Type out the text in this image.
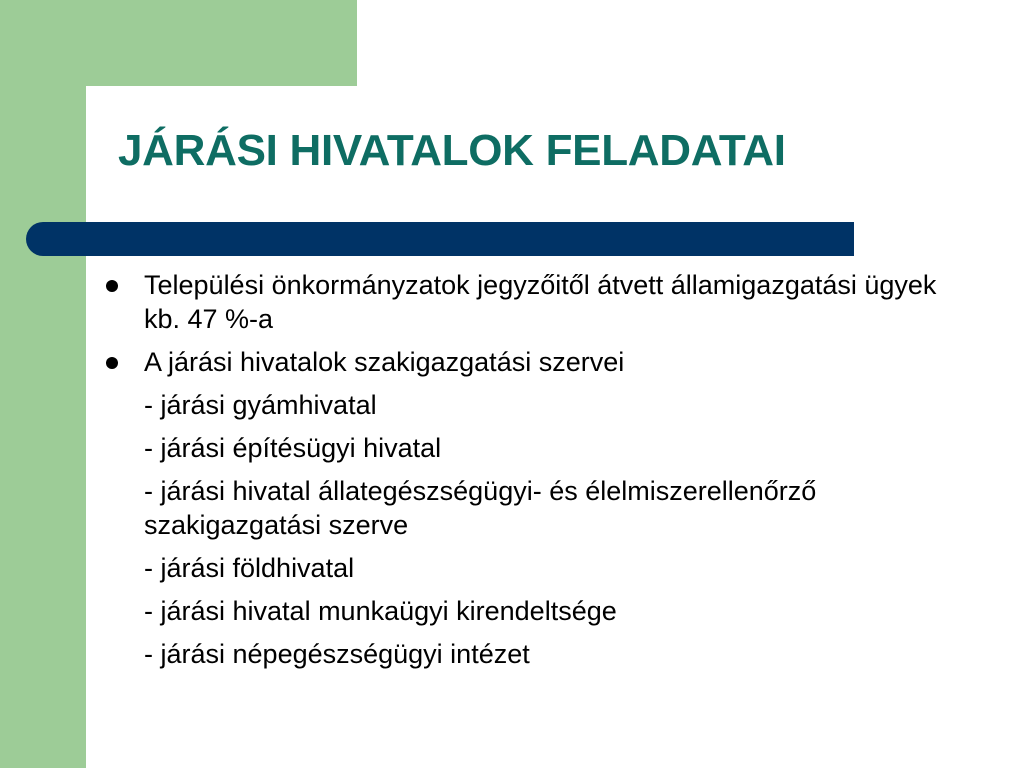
JÁRÁSI HIVATALOK FELADATAI
Települési önkormányzatok jegyzőitől átvett államigazgatási ügyek kb. 47 %-a
A járási hivatalok szakigazgatási szervei
- járási gyámhivatal
- járási építésügyi hivatal
- járási hivatal állategészségügyi- és élelmiszerellenőrző szakigazgatási szerve
- járási földhivatal
- járási hivatal munkaügyi kirendeltsége
- járási népegészségügyi intézet
